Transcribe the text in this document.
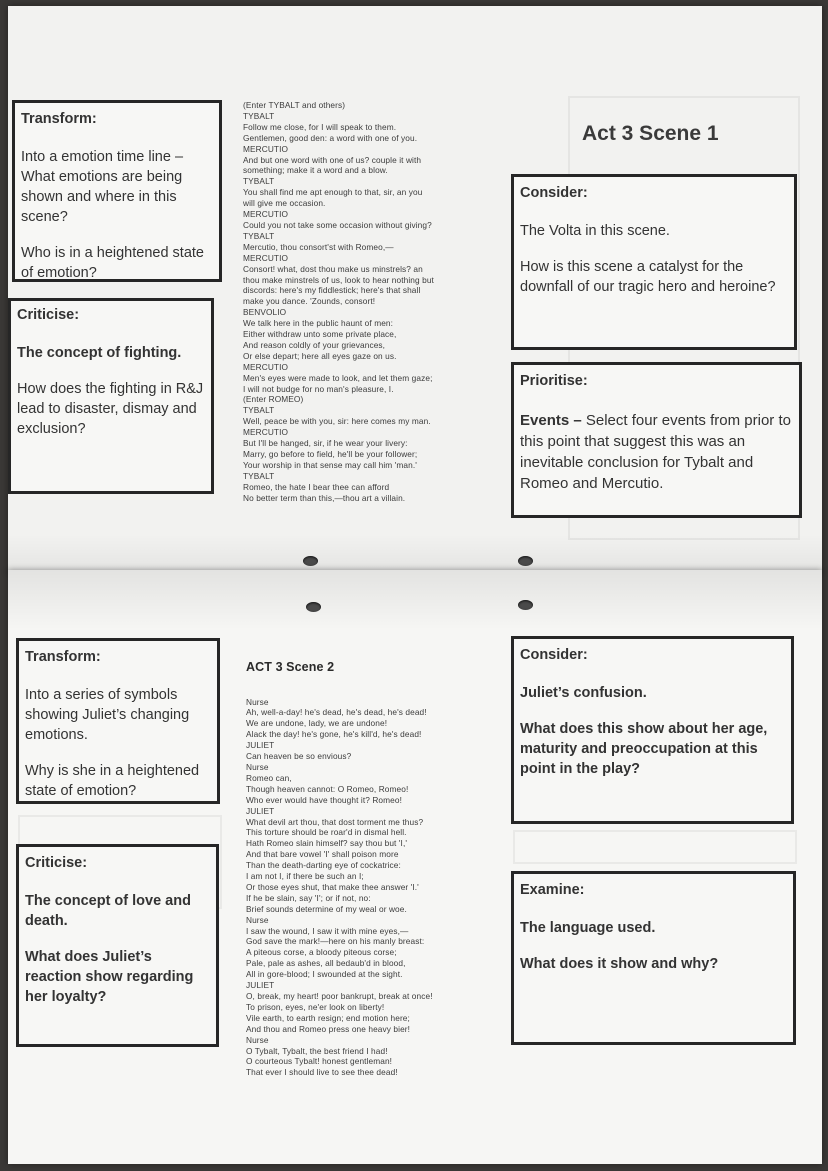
Transform:

Into a emotion time line – What emotions are being shown and where in this scene?

Who is in a heightened state of emotion?

Criticise:

The concept of fighting.

How does the fighting in R&J lead to disaster, dismay and exclusion?

(Enter TYBALT and others)
TYBALT
Follow me close, for I will speak to them.
Gentlemen, good den: a word with one of you.
MERCUTIO
And but one word with one of us? couple it with
something; make it a word and a blow.
TYBALT
You shall find me apt enough to that, sir, an you
will give me occasion.
MERCUTIO
Could you not take some occasion without giving?
TYBALT
Mercutio, thou consort'st with Romeo,—
MERCUTIO
Consort! what, dost thou make us minstrels? an
thou make minstrels of us, look to hear nothing but
discords: here's my fiddlestick; here's that shall
make you dance. 'Zounds, consort!
BENVOLIO
We talk here in the public haunt of men:
Either withdraw unto some private place,
And reason coldly of your grievances,
Or else depart; here all eyes gaze on us.
MERCUTIO
Men's eyes were made to look, and let them gaze;
I will not budge for no man's pleasure, I.
(Enter ROMEO)
TYBALT
Well, peace be with you, sir: here comes my man.
MERCUTIO
But I'll be hanged, sir, if he wear your livery:
Marry, go before to field, he'll be your follower;
Your worship in that sense may call him 'man.'
TYBALT
Romeo, the hate I bear thee can afford
No better term than this,—thou art a villain.
Act 3 Scene 1
Consider:

The Volta in this scene.

How is this scene a catalyst for the downfall of our tragic hero and heroine?

Prioritise:

Events – Select four events from prior to this point that suggest this was an inevitable conclusion for Tybalt and Romeo and Mercutio.

Transform:

Into a series of symbols showing Juliet’s changing emotions.

Why is she in a heightened state of emotion?

Criticise:

The concept of love and death.

What does Juliet’s reaction show regarding her loyalty?

ACT 3 Scene 2

Nurse
Ah, well-a-day! he's dead, he's dead, he's dead!
We are undone, lady, we are undone!
Alack the day! he's gone, he's kill'd, he's dead!
JULIET
Can heaven be so envious?
Nurse
Romeo can,
Though heaven cannot: O Romeo, Romeo!
Who ever would have thought it? Romeo!
JULIET
What devil art thou, that dost torment me thus?
This torture should be roar'd in dismal hell.
Hath Romeo slain himself? say thou but 'I,'
And that bare vowel 'I' shall poison more
Than the death-darting eye of cockatrice:
I am not I, if there be such an I;
Or those eyes shut, that make thee answer 'I.'
If he be slain, say 'I'; or if not, no:
Brief sounds determine of my weal or woe.
Nurse
I saw the wound, I saw it with mine eyes,—
God save the mark!—here on his manly breast:
A piteous corse, a bloody piteous corse;
Pale, pale as ashes, all bedaub'd in blood,
All in gore-blood; I swounded at the sight.
JULIET
O, break, my heart! poor bankrupt, break at once!
To prison, eyes, ne'er look on liberty!
Vile earth, to earth resign; end motion here;
And thou and Romeo press one heavy bier!
Nurse
O Tybalt, Tybalt, the best friend I had!
O courteous Tybalt! honest gentleman!
That ever I should live to see thee dead!

Consider:

Juliet’s confusion.

What does this show about her age, maturity and preoccupation at this point in the play?

Examine:

The language used.

What does it show and why?
